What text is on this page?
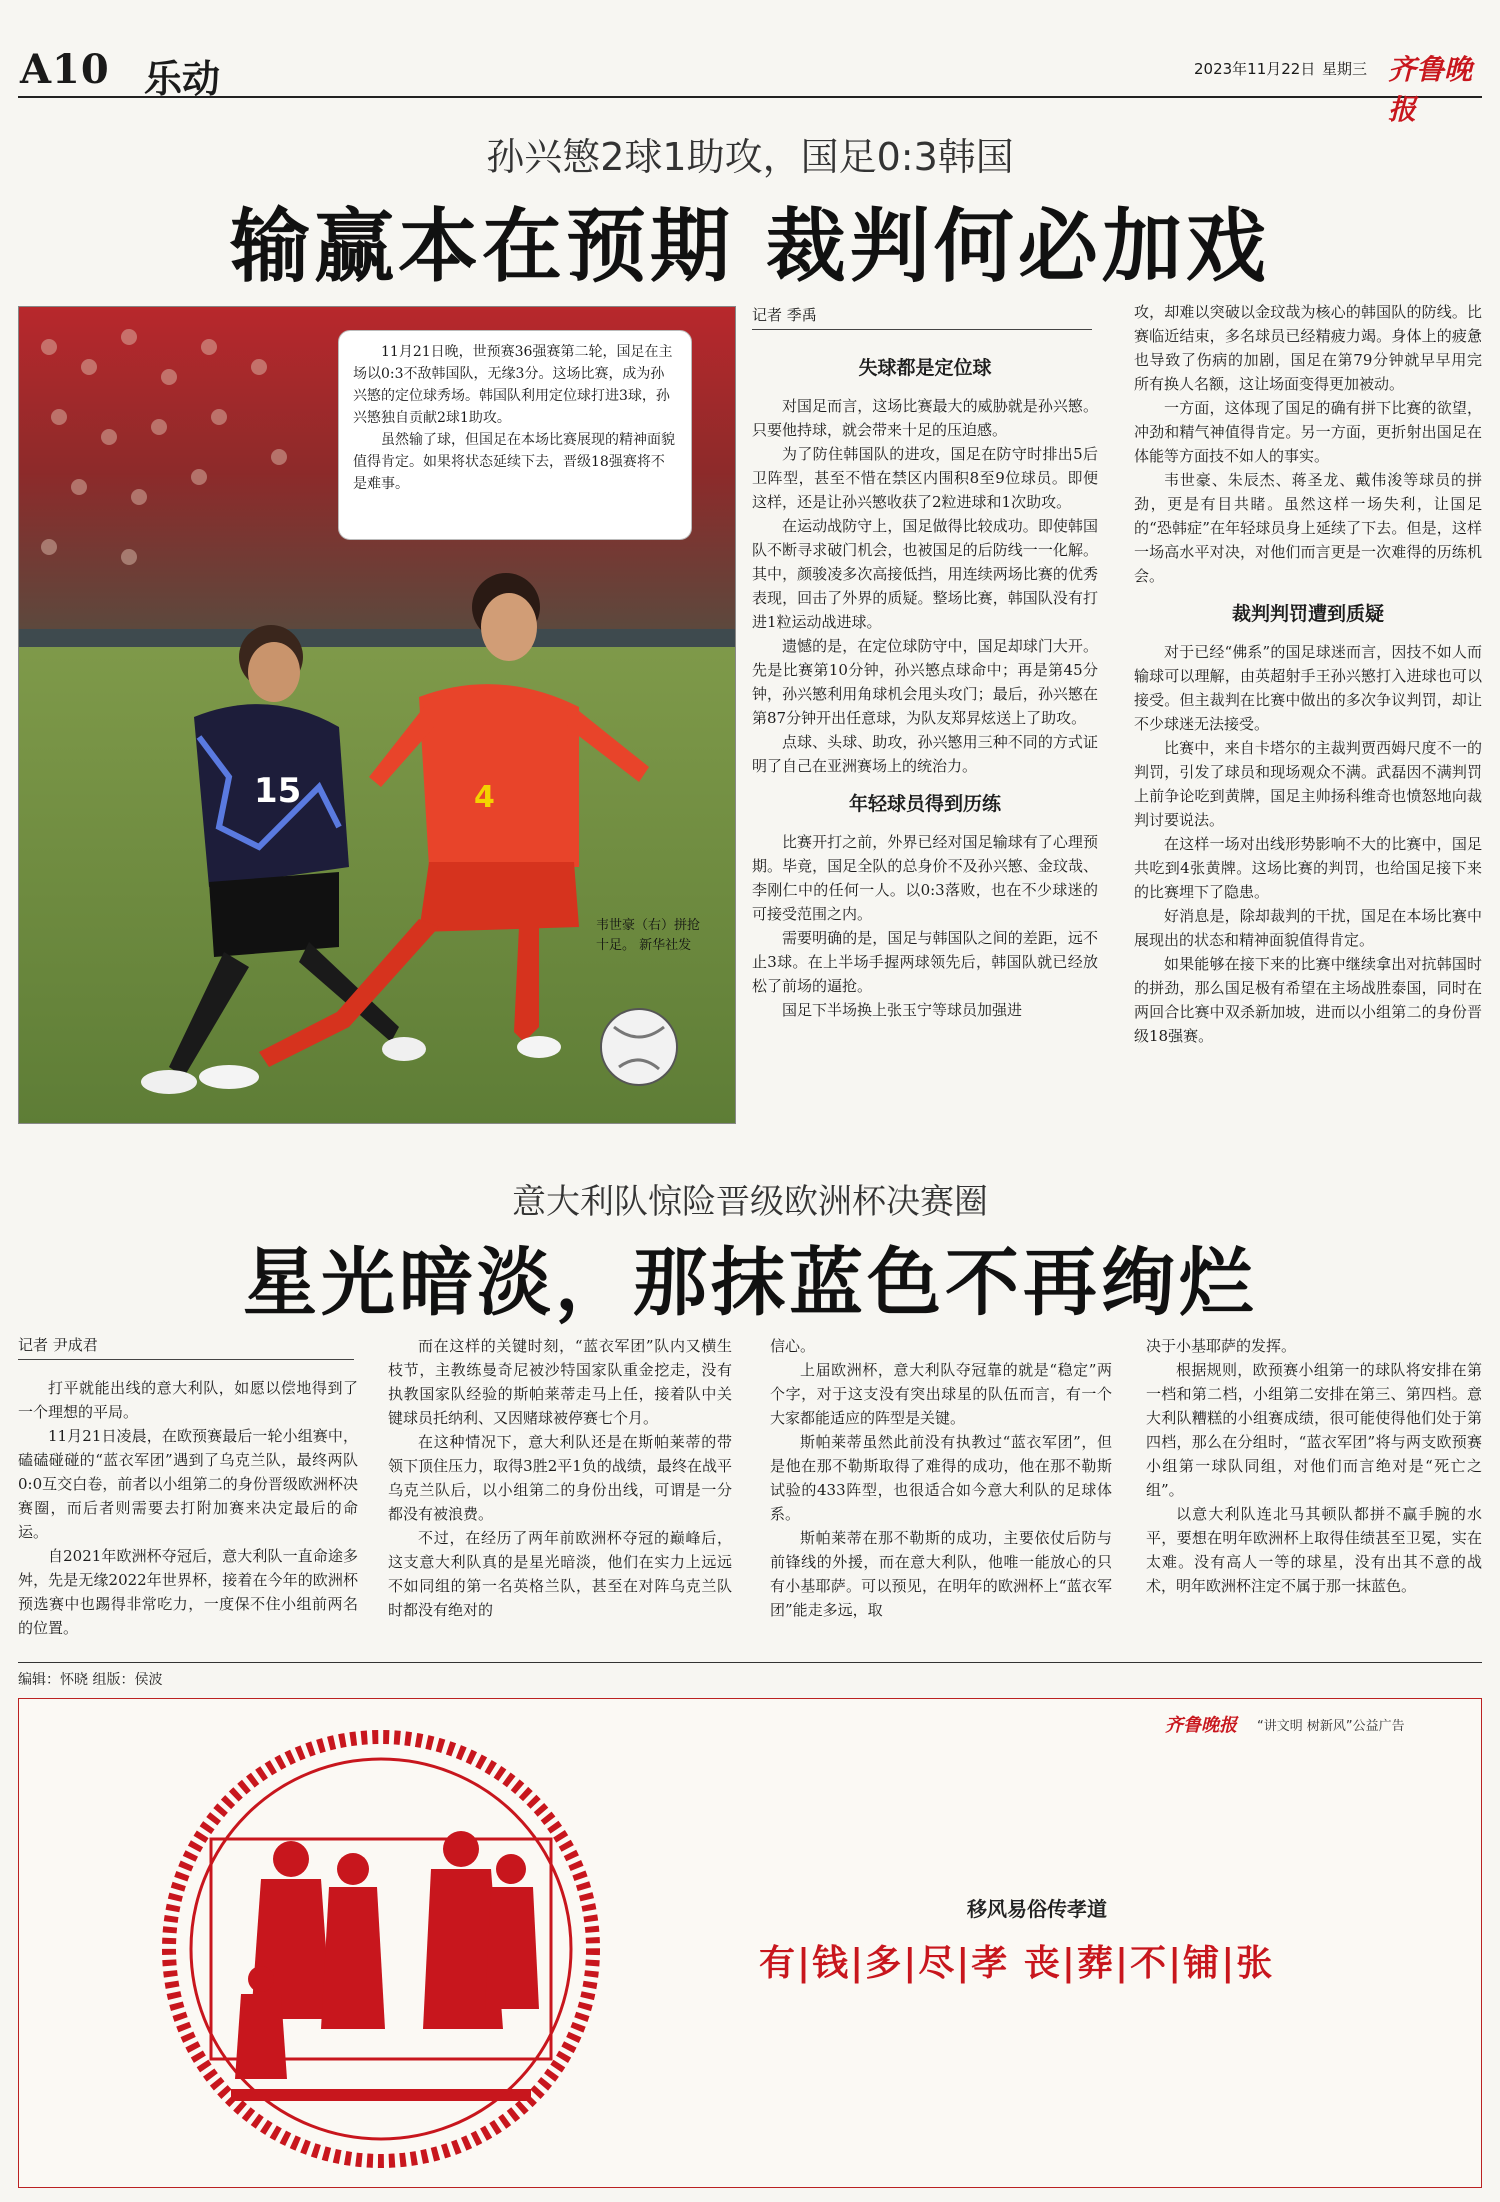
A10 乐动	2023年11月22日 星期三 齐鲁晚报
孙兴慜2球1助攻，国足0:3韩国
输赢本在预期 裁判何必加戏
15	4

11月21日晚，世预赛36强赛第二轮，国足在主场以0:3不敌韩国队，无缘3分。这场比赛，成为孙兴慜的定位球秀场。韩国队利用定位球打进3球，孙兴慜独自贡献2球1助攻。

虽然输了球，但国足在本场比赛展现的精神面貌值得肯定。如果将状态延续下去，晋级18强赛将不是难事。

韦世豪（右）拼抢十足。 新华社发
记者 季禹
失球都是定位球

对国足而言，这场比赛最大的威胁就是孙兴慜。只要他持球，就会带来十足的压迫感。

为了防住韩国队的进攻，国足在防守时排出5后卫阵型，甚至不惜在禁区内围积8至9位球员。即便这样，还是让孙兴慜收获了2粒进球和1次助攻。

在运动战防守上，国足做得比较成功。即使韩国队不断寻求破门机会，也被国足的后防线一一化解。其中，颜骏凌多次高接低挡，用连续两场比赛的优秀表现，回击了外界的质疑。整场比赛，韩国队没有打进1粒运动战进球。

遗憾的是，在定位球防守中，国足却球门大开。先是比赛第10分钟，孙兴慜点球命中；再是第45分钟，孙兴慜利用角球机会甩头攻门；最后，孙兴慜在第87分钟开出任意球，为队友郑昇炫送上了助攻。

点球、头球、助攻，孙兴慜用三种不同的方式证明了自己在亚洲赛场上的统治力。

年轻球员得到历练

比赛开打之前，外界已经对国足输球有了心理预期。毕竟，国足全队的总身价不及孙兴慜、金玟哉、李刚仁中的任何一人。以0:3落败，也在不少球迷的可接受范围之内。

需要明确的是，国足与韩国队之间的差距，远不止3球。在上半场手握两球领先后，韩国队就已经放松了前场的逼抢。

国足下半场换上张玉宁等球员加强进

攻，却难以突破以金玟哉为核心的韩国队的防线。比赛临近结束，多名球员已经精疲力竭。身体上的疲惫也导致了伤病的加剧，国足在第79分钟就早早用完所有换人名额，这让场面变得更加被动。

一方面，这体现了国足的确有拼下比赛的欲望，冲劲和精气神值得肯定。另一方面，更折射出国足在体能等方面技不如人的事实。

韦世豪、朱辰杰、蒋圣龙、戴伟浚等球员的拼劲，更是有目共睹。虽然这样一场失利，让国足的“恐韩症”在年轻球员身上延续了下去。但是，这样一场高水平对决，对他们而言更是一次难得的历练机会。

裁判判罚遭到质疑

对于已经“佛系”的国足球迷而言，因技不如人而输球可以理解，由英超射手王孙兴慜打入进球也可以接受。但主裁判在比赛中做出的多次争议判罚，却让不少球迷无法接受。

比赛中，来自卡塔尔的主裁判贾西姆尺度不一的判罚，引发了球员和现场观众不满。武磊因不满判罚上前争论吃到黄牌，国足主帅扬科维奇也愤怒地向裁判讨要说法。

在这样一场对出线形势影响不大的比赛中，国足共吃到4张黄牌。这场比赛的判罚，也给国足接下来的比赛埋下了隐患。

好消息是，除却裁判的干扰，国足在本场比赛中展现出的状态和精神面貌值得肯定。

如果能够在接下来的比赛中继续拿出对抗韩国时的拼劲，那么国足极有希望在主场战胜泰国，同时在两回合比赛中双杀新加坡，进而以小组第二的身份晋级18强赛。

意大利队惊险晋级欧洲杯决赛圈
星光暗淡，那抹蓝色不再绚烂
记者 尹成君

打平就能出线的意大利队，如愿以偿地得到了一个理想的平局。

11月21日凌晨，在欧预赛最后一轮小组赛中，磕磕碰碰的“蓝衣军团”遇到了乌克兰队，最终两队0:0互交白卷，前者以小组第二的身份晋级欧洲杯决赛圈，而后者则需要去打附加赛来决定最后的命运。

自2021年欧洲杯夺冠后，意大利队一直命途多舛，先是无缘2022年世界杯，接着在今年的欧洲杯预选赛中也踢得非常吃力，一度保不住小组前两名的位置。

而在这样的关键时刻，“蓝衣军团”队内又横生枝节，主教练曼奇尼被沙特国家队重金挖走，没有执教国家队经验的斯帕莱蒂走马上任，接着队中关键球员托纳利、又因赌球被停赛七个月。

在这种情况下，意大利队还是在斯帕莱蒂的带领下顶住压力，取得3胜2平1负的战绩，最终在战平乌克兰队后，以小组第二的身份出线，可谓是一分都没有被浪费。

不过，在经历了两年前欧洲杯夺冠的巅峰后，这支意大利队真的是星光暗淡，他们在实力上远远不如同组的第一名英格兰队，甚至在对阵乌克兰队时都没有绝对的

信心。

上届欧洲杯，意大利队夺冠靠的就是“稳定”两个字，对于这支没有突出球星的队伍而言，有一个大家都能适应的阵型是关键。

斯帕莱蒂虽然此前没有执教过“蓝衣军团”，但是他在那不勒斯取得了难得的成功，他在那不勒斯试验的433阵型，也很适合如今意大利队的足球体系。

斯帕莱蒂在那不勒斯的成功，主要依仗后防与前锋线的外援，而在意大利队，他唯一能放心的只有小基耶萨。可以预见，在明年的欧洲杯上“蓝衣军团”能走多远，取

决于小基耶萨的发挥。

根据规则，欧预赛小组第一的球队将安排在第一档和第二档，小组第二安排在第三、第四档。意大利队糟糕的小组赛成绩，很可能使得他们处于第四档，那么在分组时，“蓝衣军团”将与两支欧预赛小组第一球队同组，对他们而言绝对是“死亡之组”。

以意大利队连北马其顿队都拼不赢手腕的水平，要想在明年欧洲杯上取得佳绩甚至卫冕，实在太难。没有高人一等的球星，没有出其不意的战术，明年欧洲杯注定不属于那一抹蓝色。

编辑：怀晓 组版：侯波
齐鲁晚报 “讲文明 树新风”公益广告
移风易俗传孝道
有|钱|多|尽|孝 丧|葬|不|铺|张
